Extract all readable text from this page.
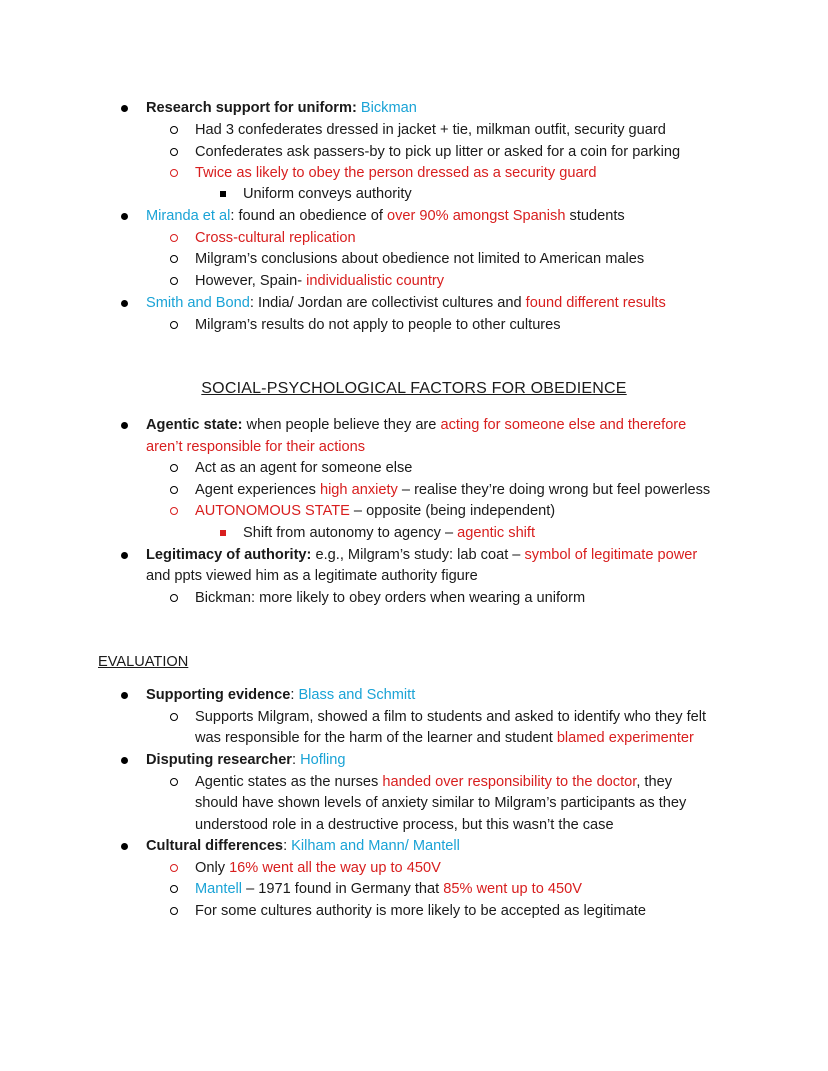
Research support for uniform: Bickman
Had 3 confederates dressed in jacket + tie, milkman outfit, security guard
Confederates ask passers-by to pick up litter or asked for a coin for parking
Twice as likely to obey the person dressed as a security guard
Uniform conveys authority
Miranda et al: found an obedience of over 90% amongst Spanish students
Cross-cultural replication
Milgram’s conclusions about obedience not limited to American males
However, Spain- individualistic country
Smith and Bond: India/ Jordan are collectivist cultures and found different results
Milgram’s results do not apply to people to other cultures
SOCIAL-PSYCHOLOGICAL FACTORS FOR OBEDIENCE
Agentic state: when people believe they are acting for someone else and therefore
aren’t responsible for their actions
Act as an agent for someone else
Agent experiences high anxiety – realise they’re doing wrong but feel powerless
AUTONOMOUS STATE – opposite (being independent)
Shift from autonomy to agency – agentic shift
Legitimacy of authority: e.g., Milgram’s study: lab coat – symbol of legitimate power
and ppts viewed him as a legitimate authority figure
Bickman: more likely to obey orders when wearing a uniform
EVALUATION
Supporting evidence: Blass and Schmitt
Supports Milgram, showed a film to students and asked to identify who they felt
was responsible for the harm of the learner and student blamed experimenter
Disputing researcher: Hofling
Agentic states as the nurses handed over responsibility to the doctor, they
should have shown levels of anxiety similar to Milgram’s participants as they
understood role in a destructive process, but this wasn’t the case
Cultural differences: Kilham and Mann/ Mantell
Only 16% went all the way up to 450V
Mantell – 1971 found in Germany that 85% went up to 450V
For some cultures authority is more likely to be accepted as legitimate
